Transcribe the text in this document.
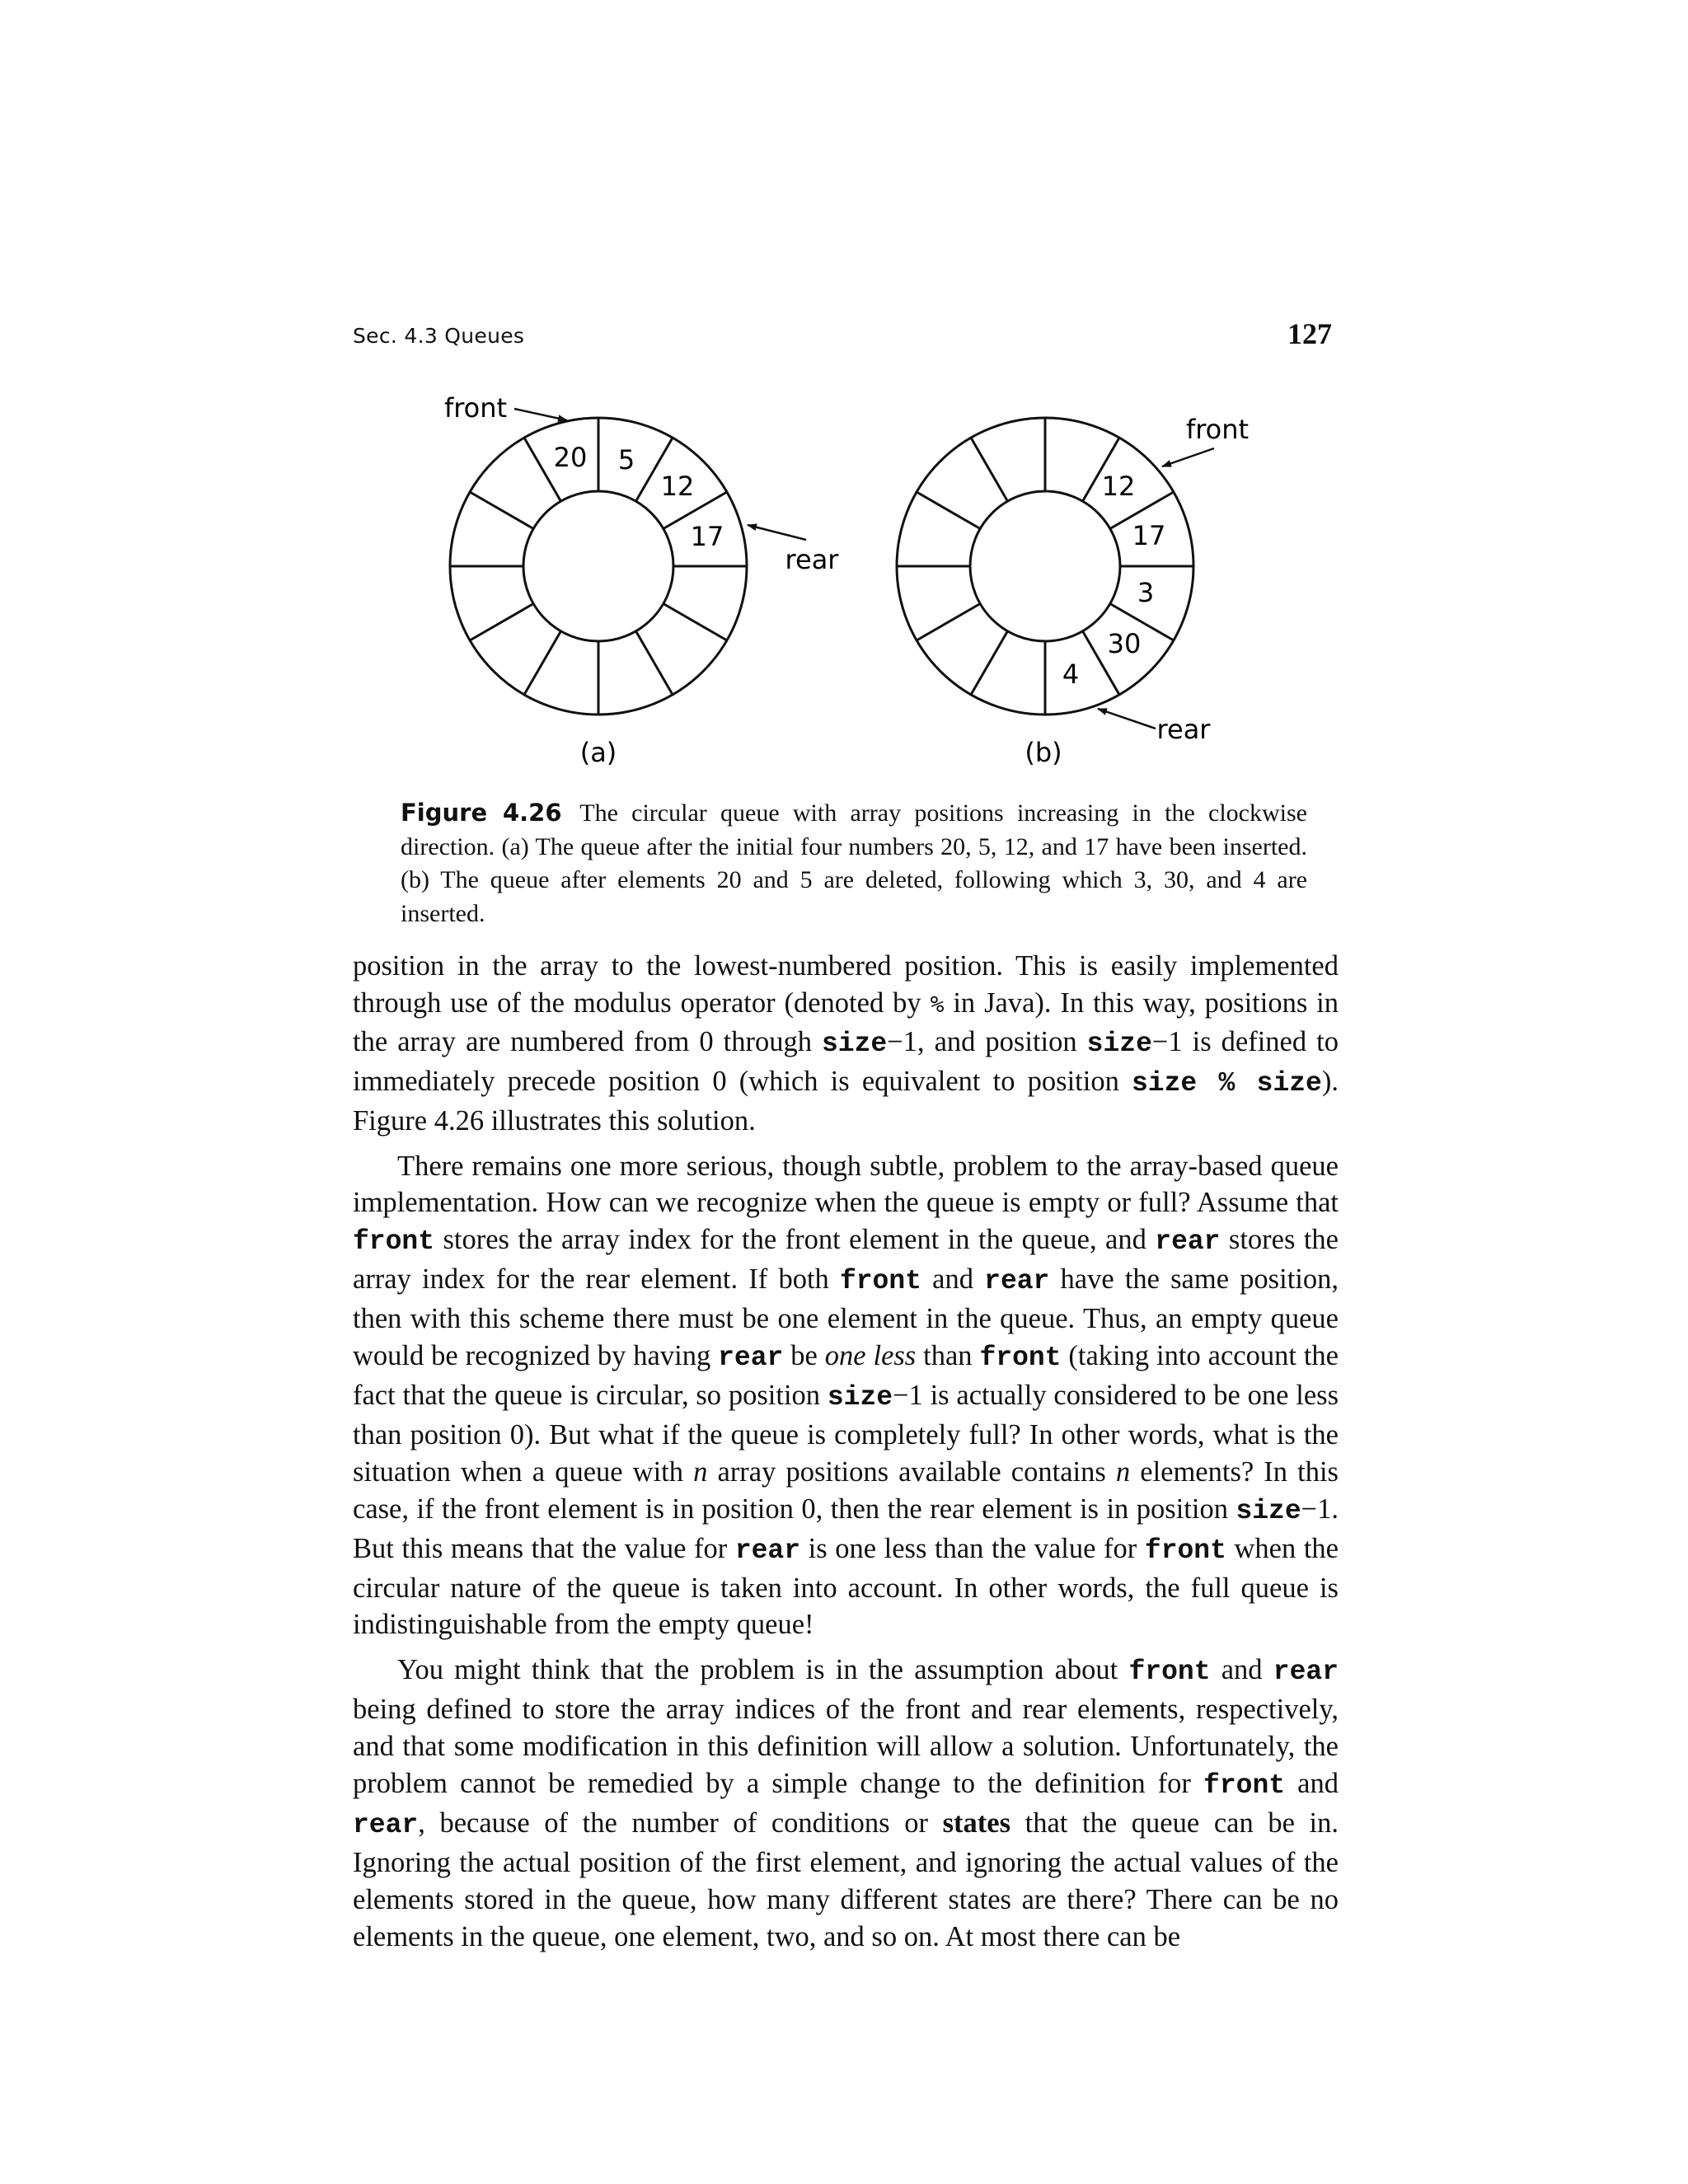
Sec. 4.3 Queues	127
20 5
12
17
front
rear
(a)
12
17
3
30
4
front
rear
(b)
Figure 4.26 The circular queue with array positions increasing in the clockwise direction. (a) The queue after the initial four numbers 20, 5, 12, and 17 have been inserted. (b) The queue after elements 20 and 5 are deleted, following which 3, 30, and 4 are inserted.

position in the array to the lowest-numbered position. This is easily implemented through use of the modulus operator (denoted by % in Java). In this way, positions in the array are numbered from 0 through size−1, and position size−1 is defined to immediately precede position 0 (which is equivalent to position size % size). Figure 4.26 illustrates this solution.

There remains one more serious, though subtle, problem to the array-based queue implementation. How can we recognize when the queue is empty or full? Assume that front stores the array index for the front element in the queue, and rear stores the array index for the rear element. If both front and rear have the same position, then with this scheme there must be one element in the queue. Thus, an empty queue would be recognized by having rear be one less than front (taking into account the fact that the queue is circular, so position size−1 is actually considered to be one less than position 0). But what if the queue is completely full? In other words, what is the situation when a queue with n array positions available contains n elements? In this case, if the front element is in position 0, then the rear element is in position size−1. But this means that the value for rear is one less than the value for front when the circular nature of the queue is taken into account. In other words, the full queue is indistinguishable from the empty queue!

You might think that the problem is in the assumption about front and rear being defined to store the array indices of the front and rear elements, respectively, and that some modification in this definition will allow a solution. Unfortunately, the problem cannot be remedied by a simple change to the definition for front and rear, because of the number of conditions or states that the queue can be in. Ignoring the actual position of the first element, and ignoring the actual values of the elements stored in the queue, how many different states are there? There can be no elements in the queue, one element, two, and so on. At most there can be
